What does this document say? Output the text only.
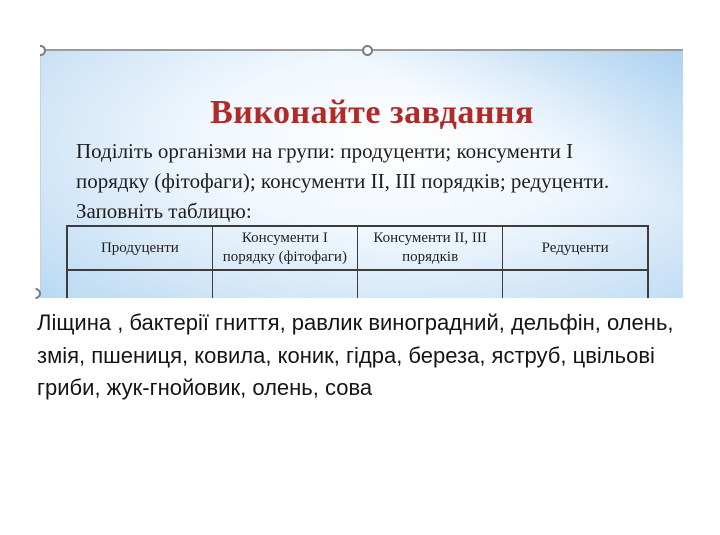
Виконайте завдання
Поділіть організми на групи: продуценти; консументи І
порядку (фітофаги); консументи ІІ, ІІІ порядків; редуценти.
Заповніть таблицю:
Продуценти	Консументи І порядку (фітофаги)	Консументи ІІ, ІІІ порядків	Редуценти

Ліщина , бактерії гниття, равлик виноградний, дельфін, олень,
змія, пшениця, ковила, коник, гідра, береза, яструб, цвільові
гриби, жук-гнойовик, олень, сова
